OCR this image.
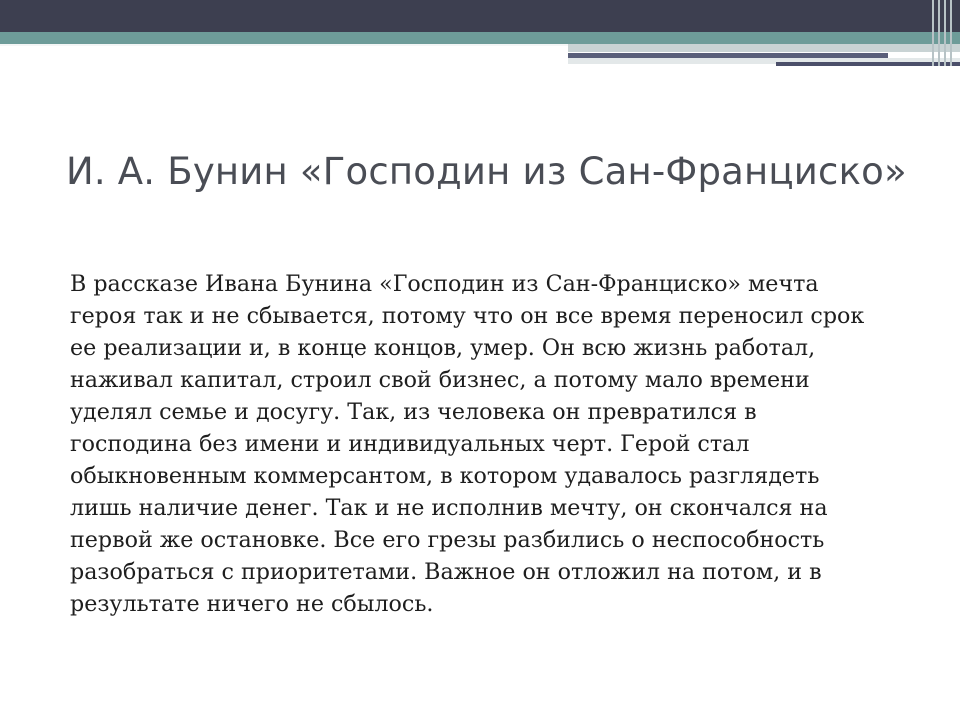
И. А. Бунин «Господин из Сан-Франциско»
В рассказе Ивана Бунина «Господин из Сан-Франциско» мечта
героя так и не сбывается, потому что он все время переносил срок
ее реализации и, в конце концов, умер. Он всю жизнь работал,
наживал капитал, строил свой бизнес, а потому мало времени
уделял семье и досугу. Так, из человека он превратился в
господина без имени и индивидуальных черт. Герой стал
обыкновенным коммерсантом, в котором удавалось разглядеть
лишь наличие денег. Так и не исполнив мечту, он скончался на
первой же остановке. Все его грезы разбились о неспособность
разобраться с приоритетами. Важное он отложил на потом, и в
результате ничего не сбылось.
